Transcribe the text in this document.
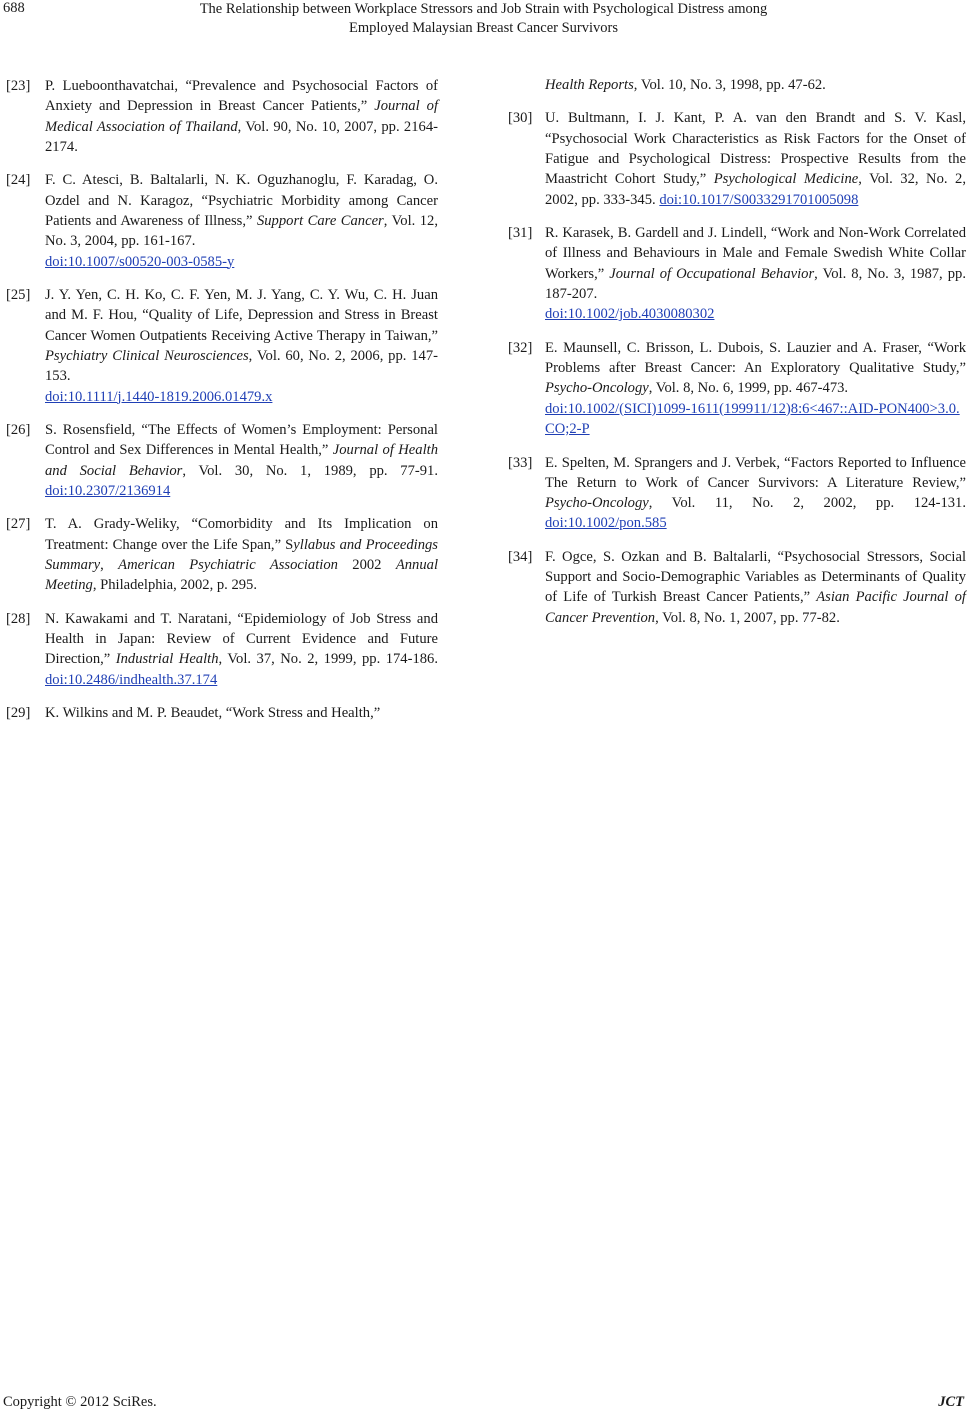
688	The Relationship between Workplace Stressors and Job Strain with Psychological Distress among
Employed Malaysian Breast Cancer Survivors
[23]	P. Lueboonthavatchai, “Prevalence and Psychosocial Factors of Anxiety and Depression in Breast Cancer Patients,” Journal of Medical Association of Thailand, Vol. 90, No. 10, 2007, pp. 2164-2174.
[24]	F. C. Atesci, B. Baltalarli, N. K. Oguzhanoglu, F. Karadag, O. Ozdel and N. Karagoz, “Psychiatric Morbidity among Cancer Patients and Awareness of Illness,” Support Care Cancer, Vol. 12, No. 3, 2004, pp. 161-167.
doi:10.1007/s00520-003-0585-y
[25]	J. Y. Yen, C. H. Ko, C. F. Yen, M. J. Yang, C. Y. Wu, C. H. Juan and M. F. Hou, “Quality of Life, Depression and Stress in Breast Cancer Women Outpatients Receiving Active Therapy in Taiwan,” Psychiatry Clinical Neurosciences, Vol. 60, No. 2, 2006, pp. 147-153.
doi:10.1111/j.1440-1819.2006.01479.x
[26]	S. Rosensfield, “The Effects of Women’s Employment: Personal Control and Sex Differences in Mental Health,” Journal of Health and Social Behavior, Vol. 30, No. 1, 1989, pp. 77-91. doi:10.2307/2136914
[27]	T. A. Grady-Weliky, “Comorbidity and Its Implication on Treatment: Change over the Life Span,” Syllabus and Proceedings Summary, American Psychiatric Association 2002 Annual Meeting, Philadelphia, 2002, p. 295.
[28]	N. Kawakami and T. Naratani, “Epidemiology of Job Stress and Health in Japan: Review of Current Evidence and Future Direction,” Industrial Health, Vol. 37, No. 2, 1999, pp. 174-186. doi:10.2486/indhealth.37.174
[29]	K. Wilkins and M. P. Beaudet, “Work Stress and Health,”
Health Reports, Vol. 10, No. 3, 1998, pp. 47-62.
[30] U. Bultmann, I. J. Kant, P. A. van den Brandt and S. V. Kasl, “Psychosocial Work Characteristics as Risk Factors for the Onset of Fatigue and Psychological Distress: Prospective Results from the Maastricht Cohort Study,” Psychological Medicine, Vol. 32, No. 2, 2002, pp. 333-345. doi:10.1017/S0033291701005098
[31] R. Karasek, B. Gardell and J. Lindell, “Work and Non-Work Correlated of Illness and Behaviours in Male and Female Swedish White Collar Workers,” Journal of Occupational Behavior, Vol. 8, No. 3, 1987, pp. 187-207.
doi:10.1002/job.4030080302
[32] E. Maunsell, C. Brisson, L. Dubois, S. Lauzier and A. Fraser, “Work Problems after Breast Cancer: An Exploratory Qualitative Study,” Psycho-Oncology, Vol. 8, No. 6, 1999, pp. 467-473.
doi:10.1002/(SICI)1099-1611(199911/12)8:6<467::AID-PON400>3.0.CO;2-P
[33] E. Spelten, M. Sprangers and J. Verbek, “Factors Reported to Influence The Return to Work of Cancer Survivors: A Literature Review,” Psycho-Oncology, Vol. 11, No. 2, 2002, pp. 124-131. doi:10.1002/pon.585
[34] F. Ogce, S. Ozkan and B. Baltalarli, “Psychosocial Stressors, Social Support and Socio-Demographic Variables as Determinants of Quality of Life of Turkish Breast Cancer Patients,” Asian Pacific Journal of Cancer Prevention, Vol. 8, No. 1, 2007, pp. 77-82.
Copyright © 2012 SciRes.	JCT
